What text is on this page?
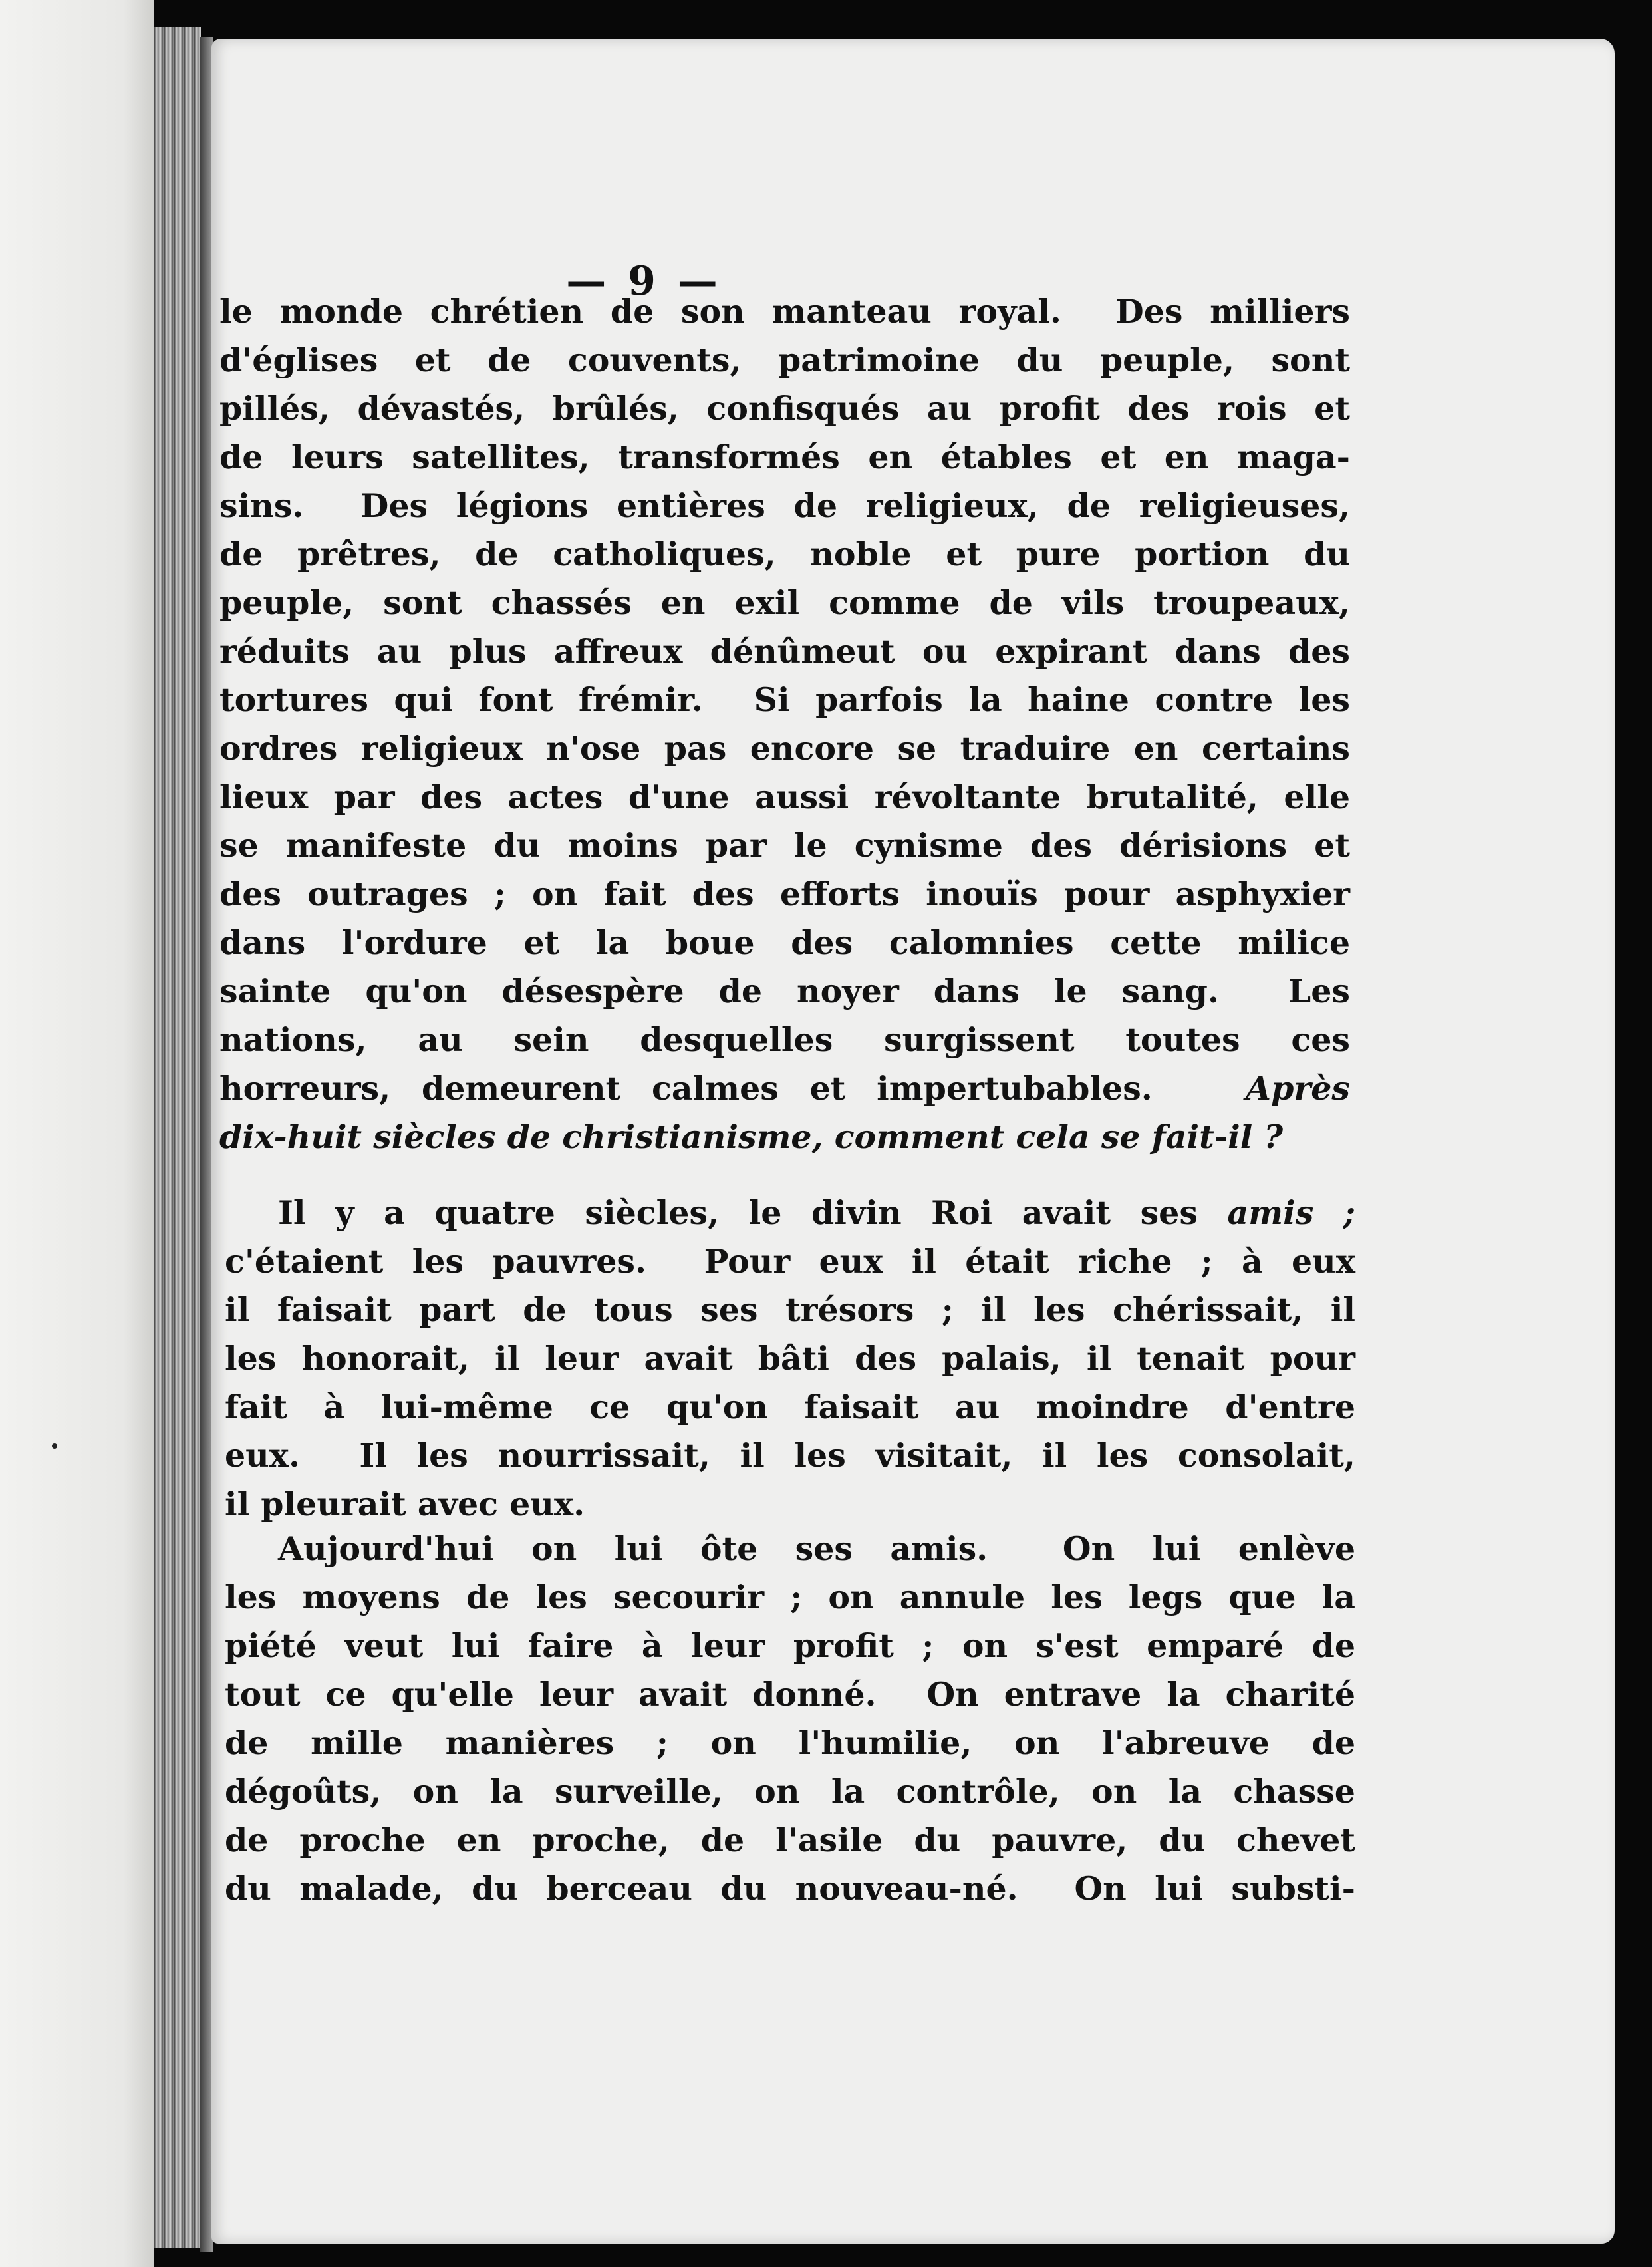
— 9 —
le monde chrétien de son manteau royal.  Des milliers
d'églises et de couvents, patrimoine du peuple, sont
pillés, dévastés, brûlés, confisqués au profit des rois et
de leurs satellites, transformés en étables et en maga-
sins.  Des légions entières de religieux, de religieuses,
de prêtres, de catholiques, noble et pure portion du
peuple, sont chassés en exil comme de vils troupeaux,
réduits au plus affreux dénûmeut ou expirant dans des
tortures qui font frémir.  Si parfois la haine contre les
ordres religieux n'ose pas encore se traduire en certains
lieux par des actes d'une aussi révoltante brutalité, elle
se manifeste du moins par le cynisme des dérisions et
des outrages ; on fait des efforts inouïs pour asphyxier
dans l'ordure et la boue des calomnies cette milice
sainte qu'on désespère de noyer dans le sang.  Les
nations, au sein desquelles surgissent toutes ces
horreurs, demeurent calmes et impertubables.	Après
dix-huit siècles de christianisme, comment cela se fait-il ?
Il y a quatre siècles, le divin Roi avait ses amis ;
c'étaient les pauvres.  Pour eux il était riche ; à eux
il faisait part de tous ses trésors ; il les chérissait, il
les honorait, il leur avait bâti des palais, il tenait pour
fait à lui-même ce qu'on faisait au moindre d'entre
eux.  Il les nourrissait, il les visitait, il les consolait,
il pleurait avec eux.
Aujourd'hui on lui ôte ses amis.  On lui enlève
les moyens de les secourir ; on annule les legs que la
piété veut lui faire à leur profit ; on s'est emparé de
tout ce qu'elle leur avait donné.  On entrave la charité
de mille manières ; on l'humilie, on l'abreuve de
dégoûts, on la surveille, on la contrôle, on la chasse
de proche en proche, de l'asile du pauvre, du chevet
du malade, du berceau du nouveau-né.  On lui substi-
